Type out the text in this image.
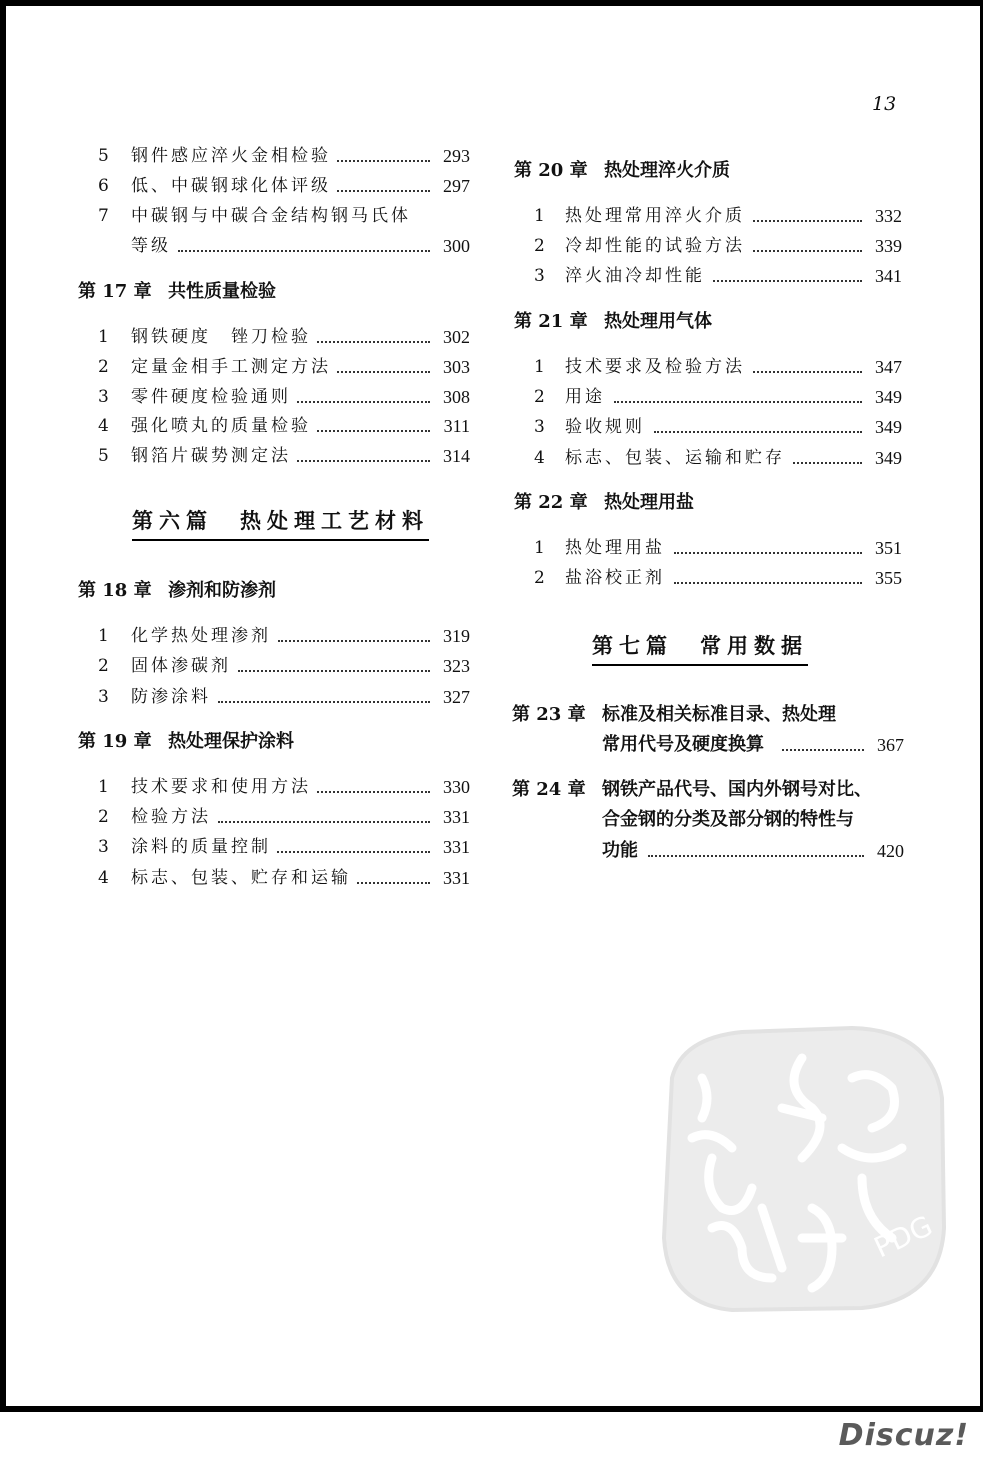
13
5 钢件感应淬火金相检验	293
6 低、中碳钢球化体评级	297
7 中碳钢与中碳合金结构钢马氏体
等级	300
第 17 章 共性质量检验
1 钢铁硬度　锉刀检验	302
2 定量金相手工测定方法	303
3 零件硬度检验通则	308
4 强化喷丸的质量检验	311
5 钢箔片碳势测定法	314
第六篇　热处理工艺材料
第 18 章 渗剂和防渗剂
1 化学热处理渗剂	319
2 固体渗碳剂	323
3 防渗涂料	327
第 19 章 热处理保护涂料
1 技术要求和使用方法	330
2 检验方法	331
3 涂料的质量控制	331
4 标志、包装、贮存和运输	331
第 20 章 热处理淬火介质
1 热处理常用淬火介质	332
2 冷却性能的试验方法	339
3 淬火油冷却性能	341
第 21 章 热处理用气体
1 技术要求及检验方法	347
2 用途	349
3 验收规则	349
4 标志、包装、运输和贮存	349
第 22 章 热处理用盐
1 热处理用盐	351
2 盐浴校正剂	355
第七篇　常用数据
第 23 章 标准及相关标准目录、热处理
常用代号及硬度换算	367
第 24 章 钢铁产品代号、国内外钢号对比、
合金钢的分类及部分钢的特性与
功能	420
PDG
Discuz!
